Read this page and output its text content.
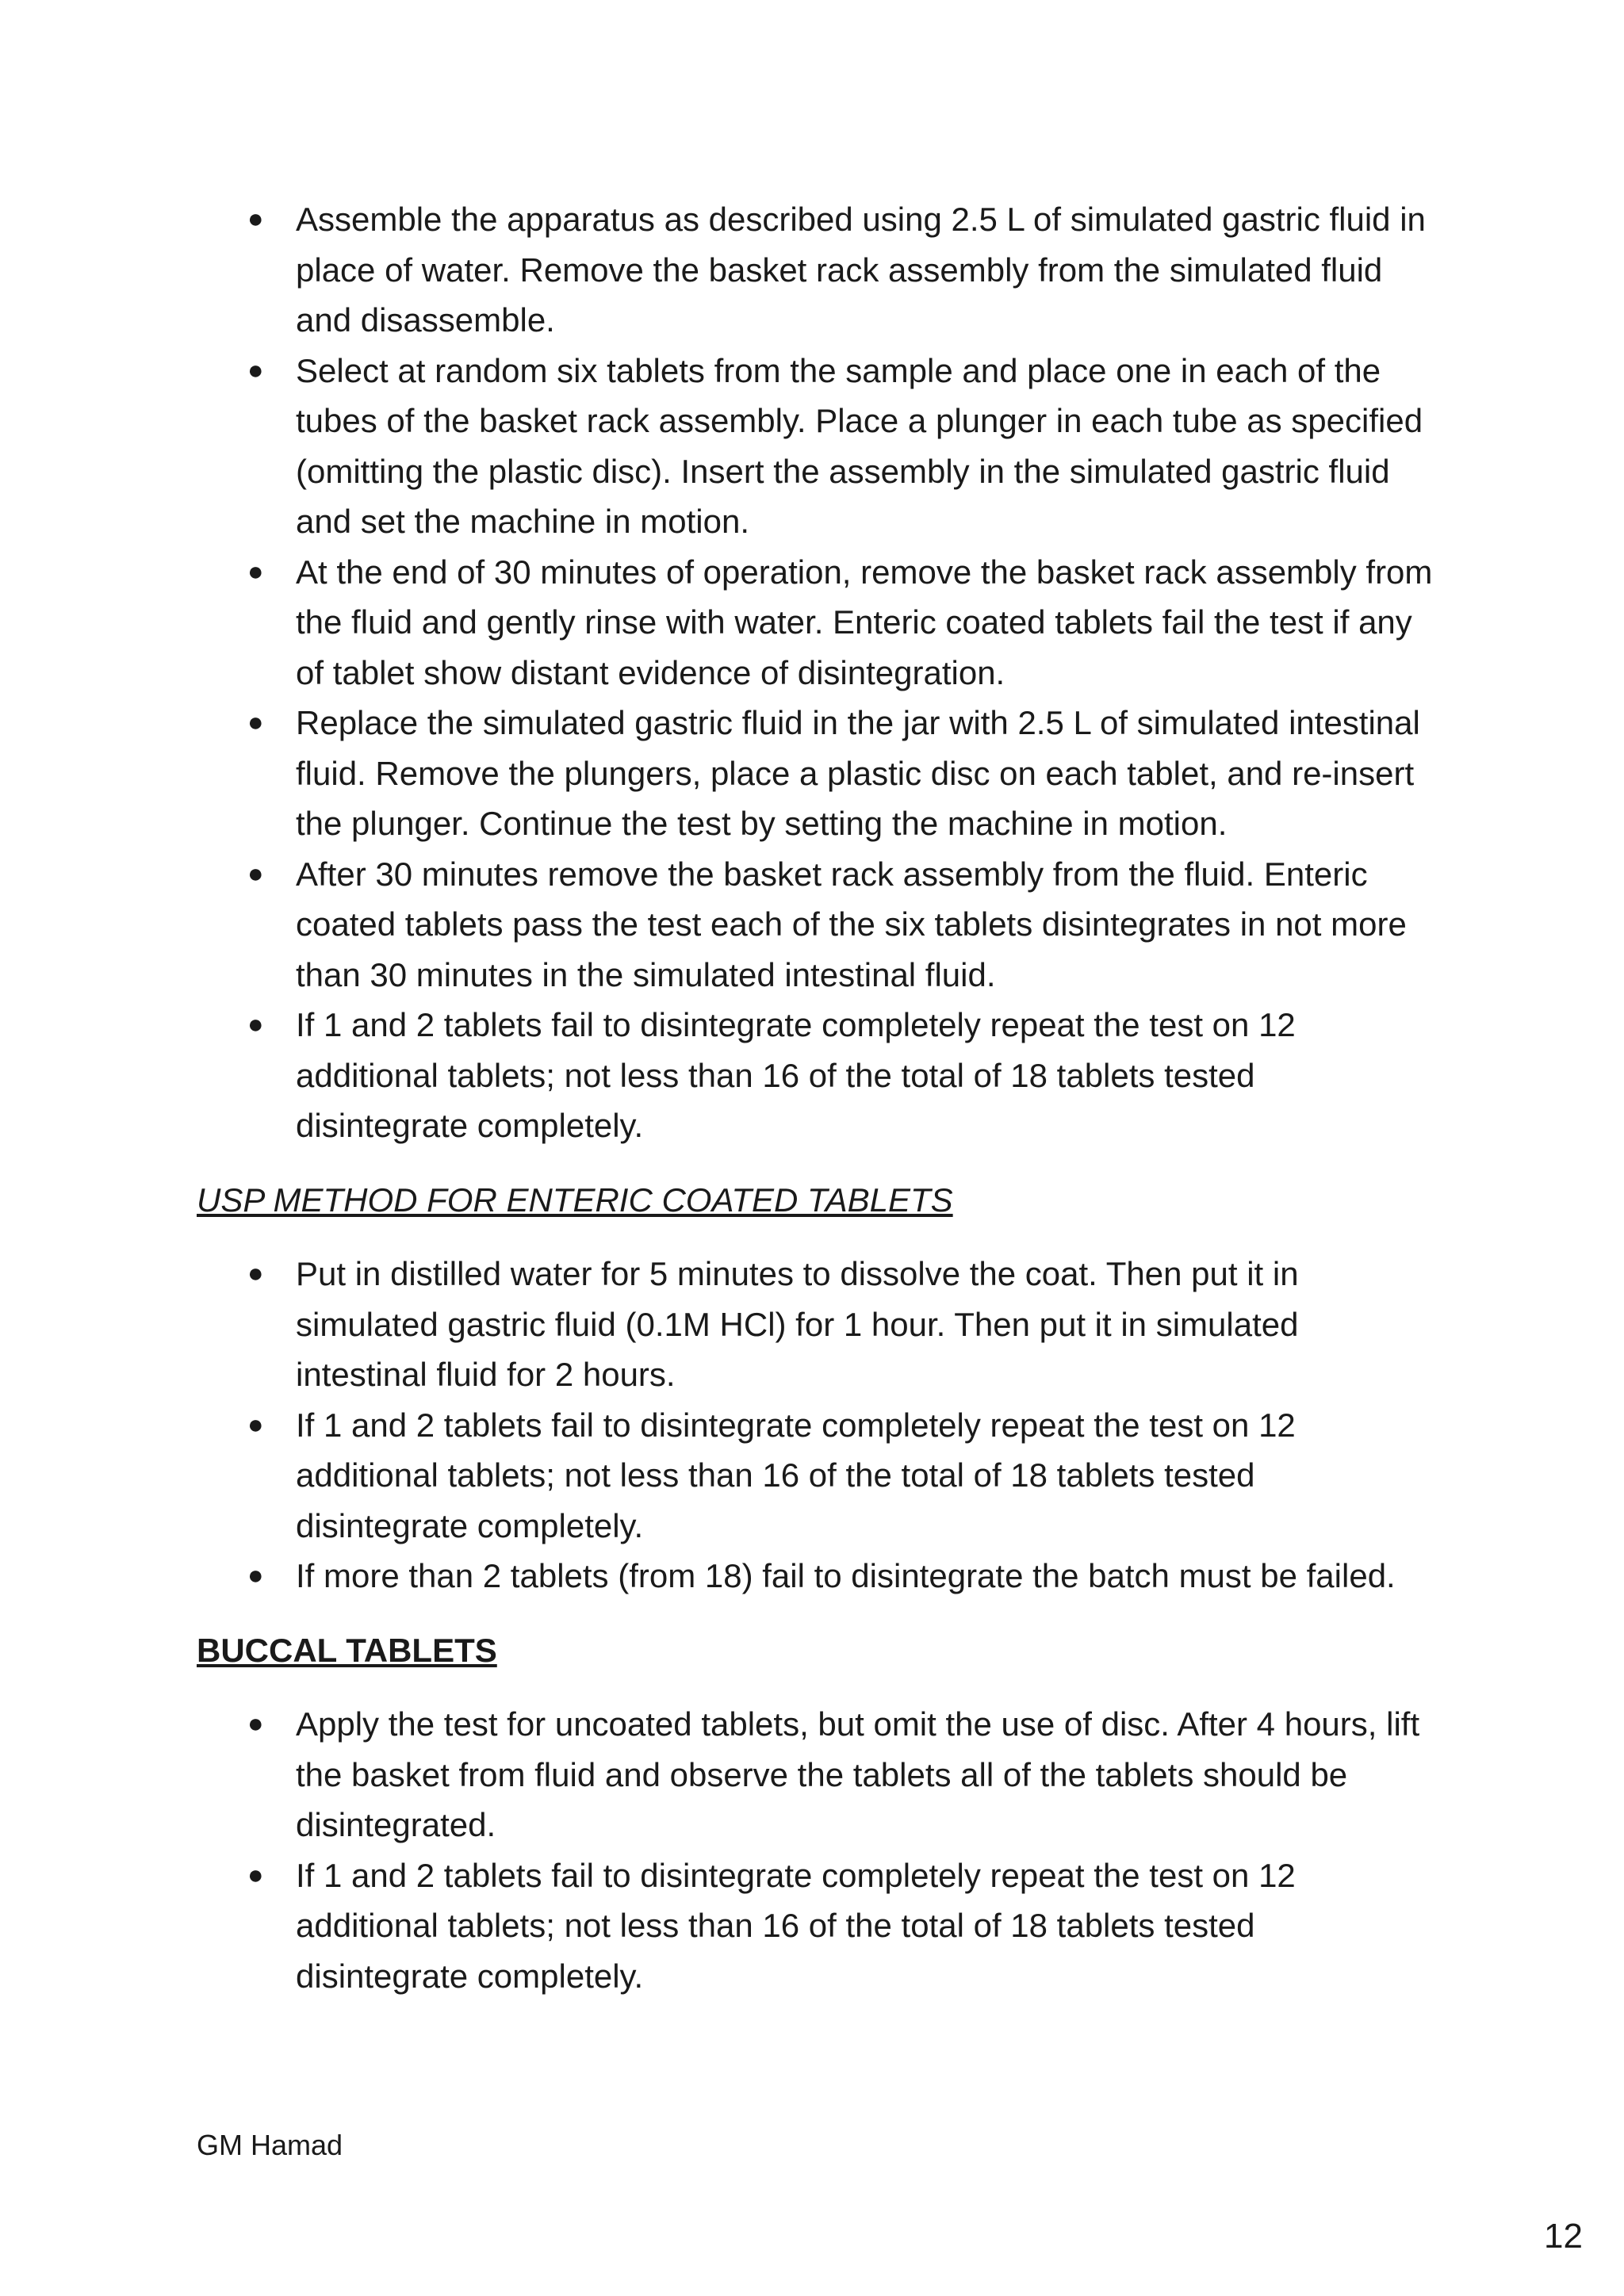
● Assemble the apparatus as described using 2.5 L of simulated gastric fluid in place of water. Remove the basket rack assembly from the simulated fluid and disassemble.
● Select at random six tablets from the sample and place one in each of the tubes of the basket rack assembly. Place a plunger in each tube as specified (omitting the plastic disc). Insert the assembly in the simulated gastric fluid and set the machine in motion.
● At the end of 30 minutes of operation, remove the basket rack assembly from the fluid and gently rinse with water. Enteric coated tablets fail the test if any of tablet show distant evidence of disintegration.
● Replace the simulated gastric fluid in the jar with 2.5 L of simulated intestinal fluid. Remove the plungers, place a plastic disc on each tablet, and re-insert the plunger. Continue the test by setting the machine in motion.
● After 30 minutes remove the basket rack assembly from the fluid. Enteric coated tablets pass the test each of the six tablets disintegrates in not more than 30 minutes in the simulated intestinal fluid.
● If 1 and 2 tablets fail to disintegrate completely repeat the test on 12 additional tablets; not less than 16 of the total of 18 tablets tested disintegrate completely.
USP METHOD FOR ENTERIC COATED TABLETS
● Put in distilled water for 5 minutes to dissolve the coat. Then put it in simulated gastric fluid (0.1M HCl) for 1 hour. Then put it in simulated intestinal fluid for 2 hours.
● If 1 and 2 tablets fail to disintegrate completely repeat the test on 12 additional tablets; not less than 16 of the total of 18 tablets tested disintegrate completely.
● If more than 2 tablets (from 18) fail to disintegrate the batch must be failed.
BUCCAL TABLETS
● Apply the test for uncoated tablets, but omit the use of disc. After 4 hours, lift the basket from fluid and observe the tablets all of the tablets should be disintegrated.
● If 1 and 2 tablets fail to disintegrate completely repeat the test on 12 additional tablets; not less than 16 of the total of 18 tablets tested disintegrate completely.
GM Hamad
12
